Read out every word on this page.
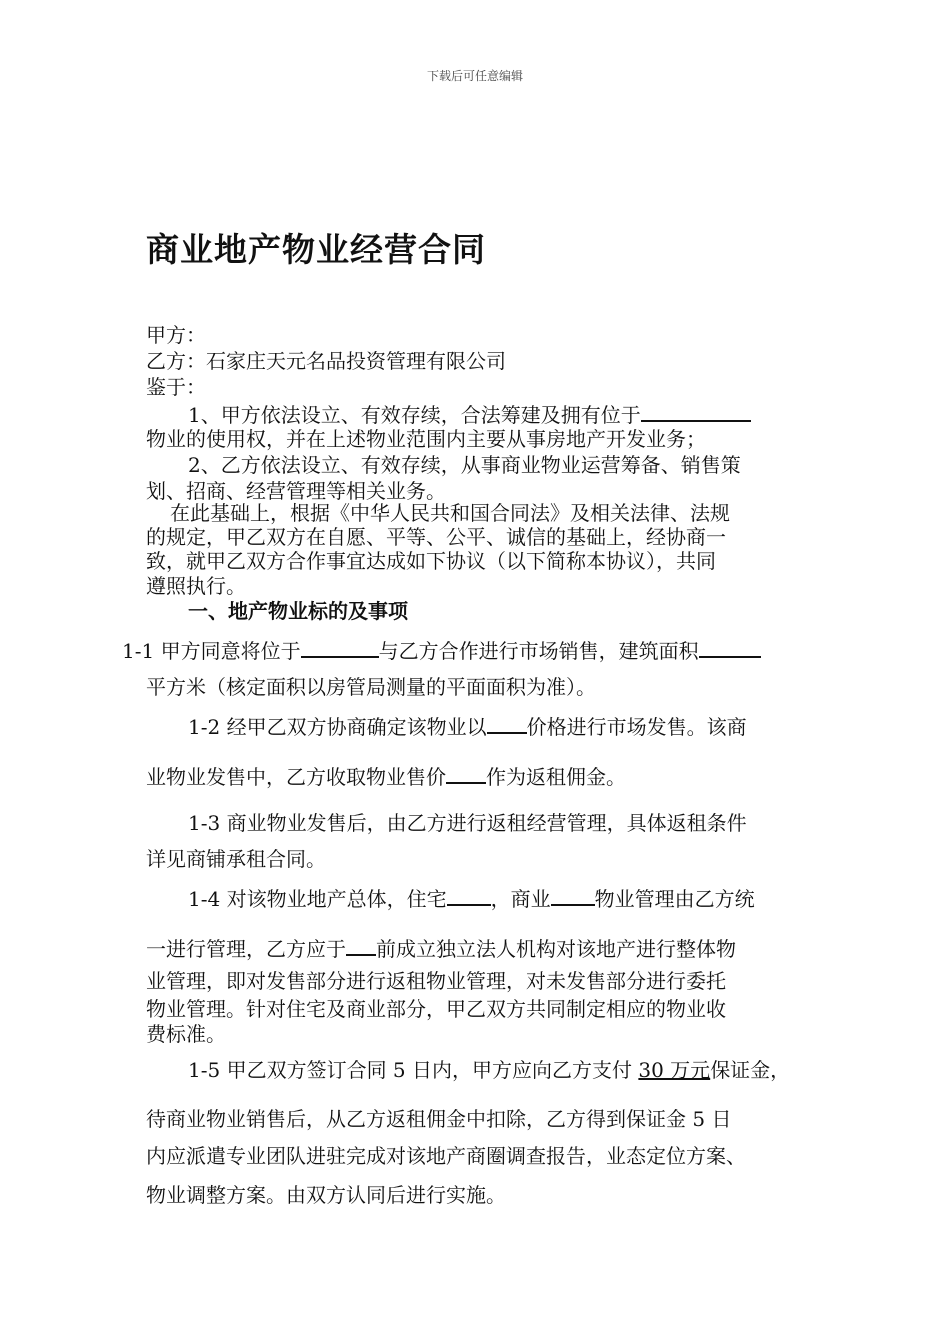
下载后可任意编辑
商业地产物业经营合同
甲方：
乙方：石家庄天元名品投资管理有限公司
鉴于：
1、甲方依法设立、有效存续，合法筹建及拥有位于
物业的使用权，并在上述物业范围内主要从事房地产开发业务；
2、乙方依法设立、有效存续，从事商业物业运营筹备、销售策
划、招商、经营管理等相关业务。
在此基础上，根据《中华人民共和国合同法》及相关法律、法规
的规定，甲乙双方在自愿、平等、公平、诚信的基础上，经协商一
致，就甲乙双方合作事宜达成如下协议（以下简称本协议），共同
遵照执行。
一、地产物业标的及事项
1-1 甲方同意将位于	与乙方合作进行市场销售，建筑面积
平方米（核定面积以房管局测量的平面面积为准）。
1-2 经甲乙双方协商确定该物业以 价格进行市场发售。该商
业物业发售中，乙方收取物业售价 作为返租佣金。
1-3 商业物业发售后，由乙方进行返租经营管理，具体返租条件
详见商铺承租合同。
1-4 对该物业地产总体，住宅 ，商业 物业管理由乙方统
一进行管理，乙方应于 前成立独立法人机构对该地产进行整体物
业管理，即对发售部分进行返租物业管理，对未发售部分进行委托
物业管理。针对住宅及商业部分，甲乙双方共同制定相应的物业收
费标准。
1-5 甲乙双方签订合同 5 日内，甲方应向乙方支付 30 万元保证金，
待商业物业销售后，从乙方返租佣金中扣除，乙方得到保证金 5 日
内应派遣专业团队进驻完成对该地产商圈调查报告，业态定位方案、
物业调整方案。由双方认同后进行实施。
